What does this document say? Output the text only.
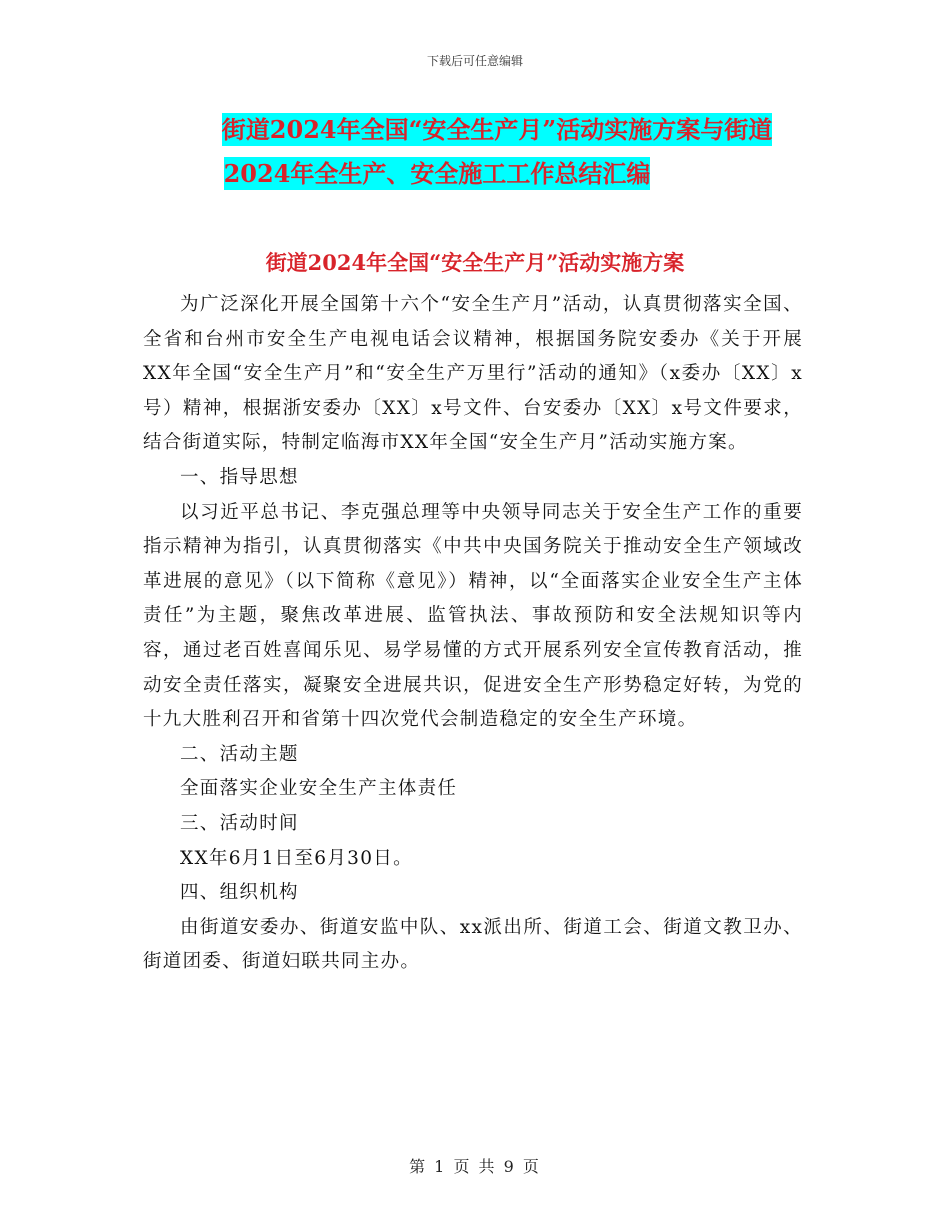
下载后可任意编辑
街道2024年全国“安全生产月”活动实施方案与街道
2024年全生产、安全施工工作总结汇编
街道2024年全国“安全生产月”活动实施方案

为广泛深化开展全国第十六个“安全生产月”活动，认真贯彻落实全国、全省和台州市安全生产电视电话会议精神，根据国务院安委办《关于开展XX年全国“安全生产月”和“安全生产万里行”活动的通知》（x委办〔XX〕x号）精神，根据浙安委办〔XX〕x号文件、台安委办〔XX〕x号文件要求，结合街道实际，特制定临海市XX年全国“安全生产月”活动实施方案。

一、指导思想

以习近平总书记、李克强总理等中央领导同志关于安全生产工作的重要指示精神为指引，认真贯彻落实《中共中央国务院关于推动安全生产领域改革进展的意见》（以下简称《意见》）精神，以“全面落实企业安全生产主体责任”为主题，聚焦改革进展、监管执法、事故预防和安全法规知识等内容，通过老百姓喜闻乐见、易学易懂的方式开展系列安全宣传教育活动，推动安全责任落实，凝聚安全进展共识，促进安全生产形势稳定好转，为党的十九大胜利召开和省第十四次党代会制造稳定的安全生产环境。

二、活动主题

全面落实企业安全生产主体责任

三、活动时间

XX年6月1日至6月30日。

四、组织机构

由街道安委办、街道安监中队、xx派出所、街道工会、街道文教卫办、街道团委、街道妇联共同主办。

第 1 页 共 9 页
